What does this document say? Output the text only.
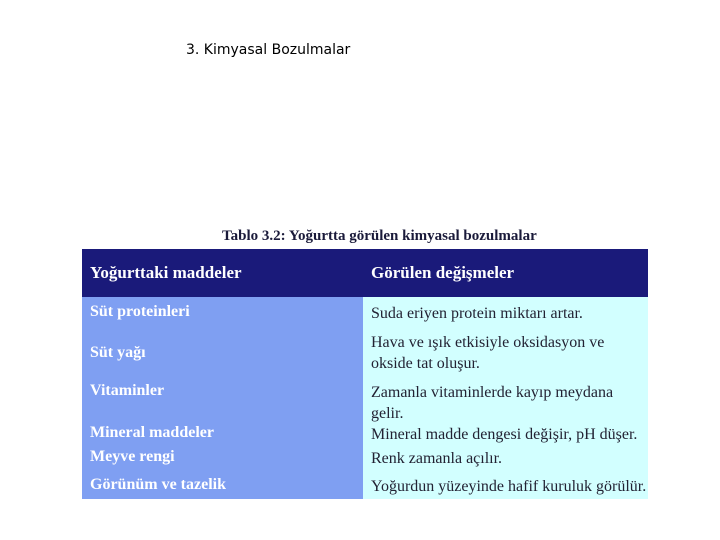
3. Kimyasal Bozulmalar
Tablo 3.2: Yoğurtta görülen kimyasal bozulmalar
Yoğurttaki maddeler	Görülen değişmeler

Süt proteinleri	Suda eriyen protein miktarı artar.
Süt yağı	Hava ve ışık etkisiyle oksidasyon ve okside tat oluşur.
Vitaminler	Zamanla vitaminlerde kayıp meydana gelir.
Mineral maddeler	Mineral madde dengesi değişir, pH düşer.
Meyve rengi	Renk zamanla açılır.
Görünüm ve tazelik	Yoğurdun yüzeyinde hafif kuruluk görülür.
